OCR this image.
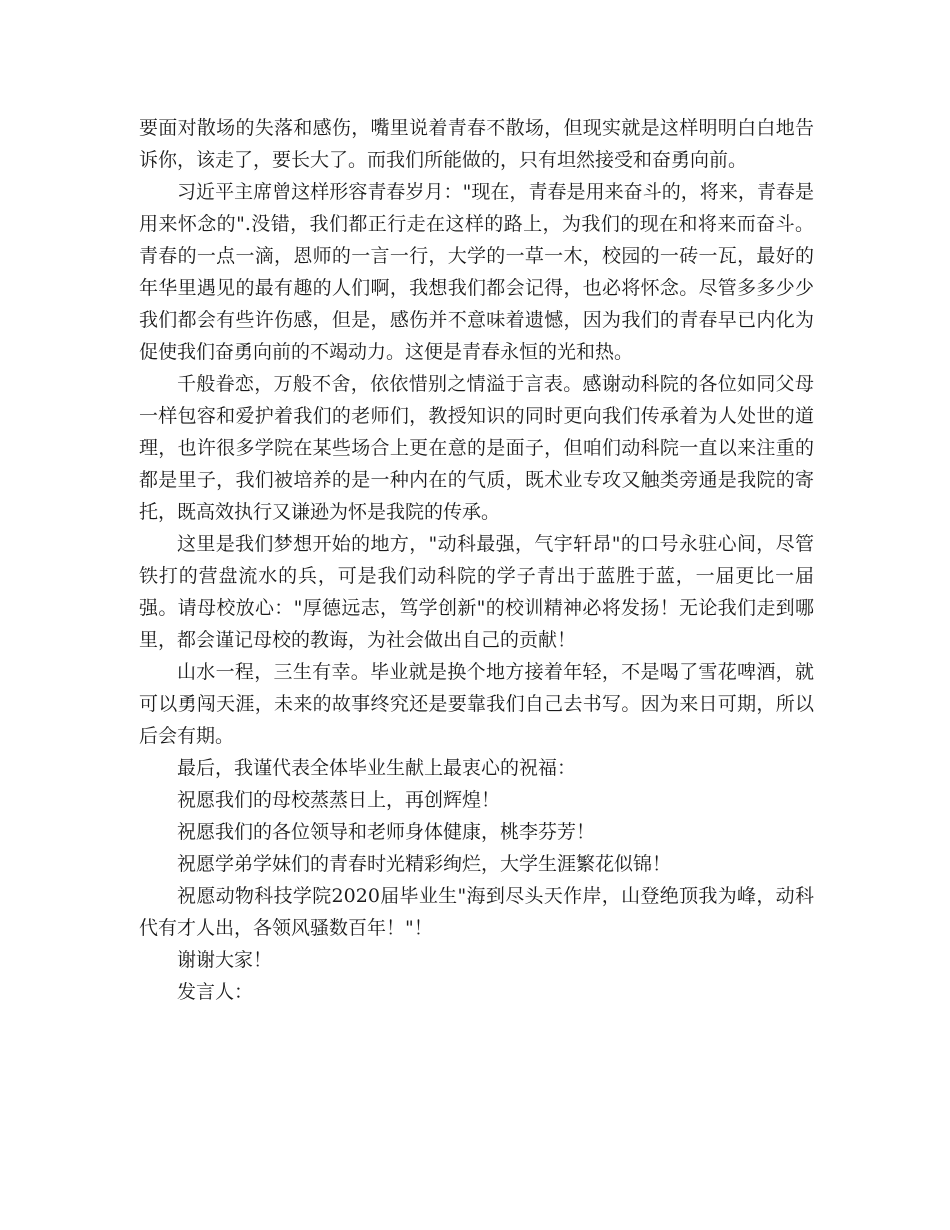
要面对散场的失落和感伤，嘴里说着青春不散场，但现实就是这样明明白白地告诉你，该走了，要长大了。而我们所能做的，只有坦然接受和奋勇向前。

习近平主席曾这样形容青春岁月："现在，青春是用来奋斗的，将来，青春是用来怀念的".没错，我们都正行走在这样的路上，为我们的现在和将来而奋斗。青春的一点一滴，恩师的一言一行，大学的一草一木，校园的一砖一瓦，最好的年华里遇见的最有趣的人们啊，我想我们都会记得，也必将怀念。尽管多多少少我们都会有些许伤感，但是，感伤并不意味着遗憾，因为我们的青春早已内化为促使我们奋勇向前的不竭动力。这便是青春永恒的光和热。

千般眷恋，万般不舍，依依惜别之情溢于言表。感谢动科院的各位如同父母一样包容和爱护着我们的老师们，教授知识的同时更向我们传承着为人处世的道理，也许很多学院在某些场合上更在意的是面子，但咱们动科院一直以来注重的都是里子，我们被培养的是一种内在的气质，既术业专攻又触类旁通是我院的寄托，既高效执行又谦逊为怀是我院的传承。

这里是我们梦想开始的地方，"动科最强，气宇轩昂"的口号永驻心间，尽管铁打的营盘流水的兵，可是我们动科院的学子青出于蓝胜于蓝，一届更比一届强。请母校放心："厚德远志，笃学创新"的校训精神必将发扬！无论我们走到哪里，都会谨记母校的教诲，为社会做出自己的贡献！

山水一程，三生有幸。毕业就是换个地方接着年轻，不是喝了雪花啤酒，就可以勇闯天涯，未来的故事终究还是要靠我们自己去书写。因为来日可期，所以后会有期。

最后，我谨代表全体毕业生献上最衷心的祝福：

祝愿我们的母校蒸蒸日上，再创辉煌！

祝愿我们的各位领导和老师身体健康，桃李芬芳！

祝愿学弟学妹们的青春时光精彩绚烂，大学生涯繁花似锦！

祝愿动物科技学院2020届毕业生"海到尽头天作岸，山登绝顶我为峰，动科代有才人出，各领风骚数百年！"！

谢谢大家！

发言人：
